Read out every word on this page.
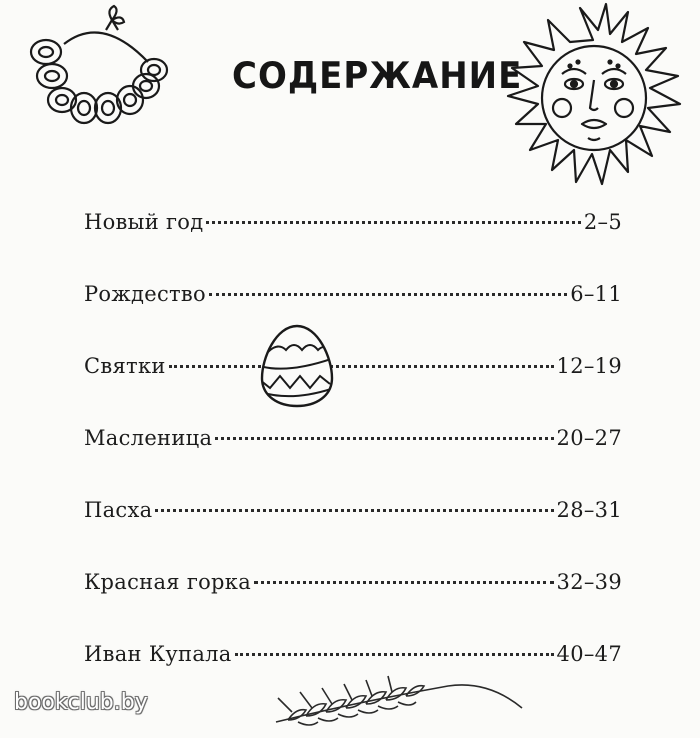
СОДЕРЖАНИЕ
Новый год	2–5
Рождество	6–11
Святки	12–19
Масленица	20–27
Пасха	28–31
Красная горка	32–39
Иван Купала	40–47
bookclub.by
